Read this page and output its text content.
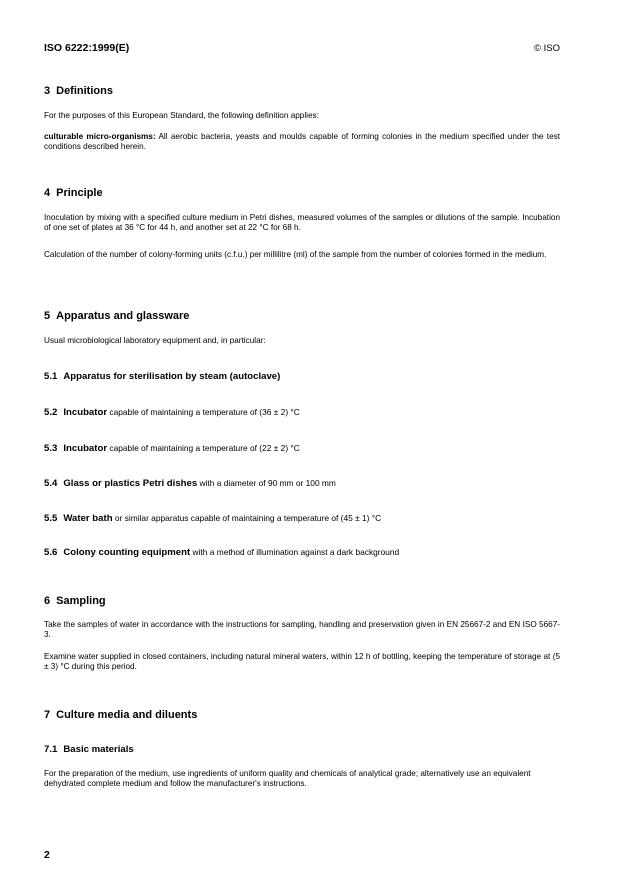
ISO 6222:1999(E)	© ISO
3 Definitions
For the purposes of this European Standard, the following definition applies:
culturable micro-organisms: All aerobic bacteria, yeasts and moulds capable of forming colonies in the medium specified under the test conditions described herein.
4 Principle
Inoculation by mixing with a specified culture medium in Petri dishes, measured volumes of the samples or dilutions of the sample. Incubation of one set of plates at 36 °C for 44 h, and another set at 22 °C for 68 h.
Calculation of the number of colony-forming units (c.f.u.) per millilitre (ml) of the sample from the number of colonies formed in the medium.
5 Apparatus and glassware
Usual microbiological laboratory equipment and, in particular:
5.1 Apparatus for sterilisation by steam (autoclave)
5.2 Incubator capable of maintaining a temperature of (36 ± 2) °C
5.3 Incubator capable of maintaining a temperature of (22 ± 2) °C
5.4 Glass or plastics Petri dishes with a diameter of 90 mm or 100 mm
5.5 Water bath or similar apparatus capable of maintaining a temperature of (45 ± 1) °C
5.6 Colony counting equipment with a method of illumination against a dark background
6 Sampling
Take the samples of water in accordance with the instructions for sampling, handling and preservation given in EN 25667-2 and EN ISO 5667-3.
Examine water supplied in closed containers, including natural mineral waters, within 12 h of bottling, keeping the temperature of storage at (5 ± 3) °C during this period.
7 Culture media and diluents
7.1 Basic materials
For the preparation of the medium, use ingredients of uniform quality and chemicals of analytical grade; alternatively use an equivalent dehydrated complete medium and follow the manufacturer's instructions.
2
